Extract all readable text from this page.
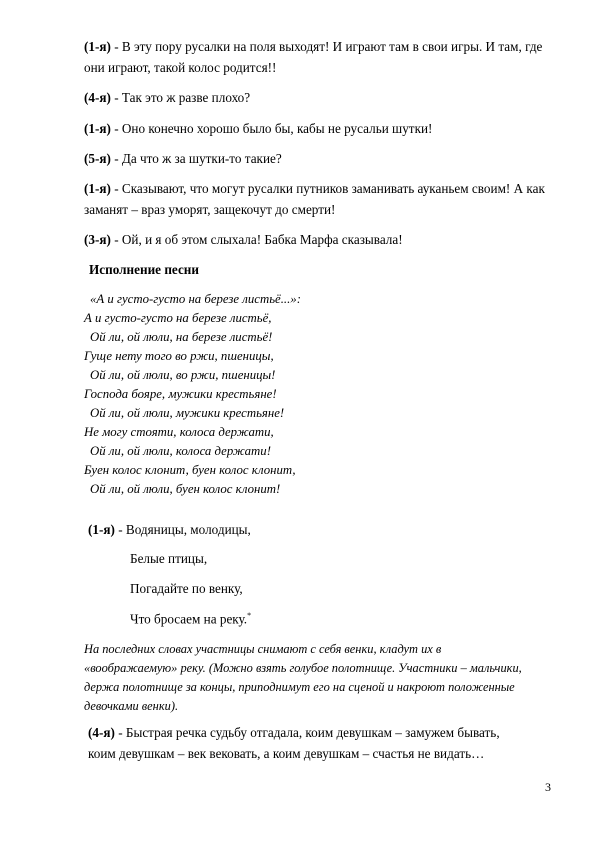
(1-я) - В эту пору русалки на поля выходят! И играют там в свои игры. И там, где они играют, такой колос родится!!
(4-я) - Так это ж разве плохо?
(1-я) - Оно конечно хорошо было бы, кабы не русальи шутки!
(5-я) - Да что ж за шутки-то такие?
(1-я) - Сказывают, что могут русалки путников заманивать ауканьем своим! А как заманят – враз уморят, защекочут до смерти!
(3-я) - Ой, и я об этом слыхала! Бабка Марфа сказывала!
Исполнение песни
«А и густо-густо на березе листьё...»:
А и густо-густо на березе листьё,
Ой ли, ой люли, на березе листьё!
Гуще нету того во ржи, пшеницы,
Ой ли, ой люли, во ржи, пшеницы!
Господа бояре, мужики крестьяне!
Ой ли, ой люли, мужики крестьяне!
Не могу стояти, колоса держати,
Ой ли, ой люли, колоса держати!
Буен колос клонит, буен колос клонит,
Ой ли, ой люли, буен колос клонит!
(1-я) - Водяницы, молодицы,
Белые птицы,
Погадайте по венку,
Что бросаем на реку.*
На последних словах участницы снимают с себя венки, кладут их в «воображаемую» реку. (Можно взять голубое полотнище. Участники – мальчики, держа полотнище за концы, приподнимут его на сценой и накроют положенные девочками венки).
(4-я) - Быстрая речка судьбу отгадала, коим девушкам – замужем бывать, коим девушкам – век вековать, а коим девушкам – счастья не видать…
3
